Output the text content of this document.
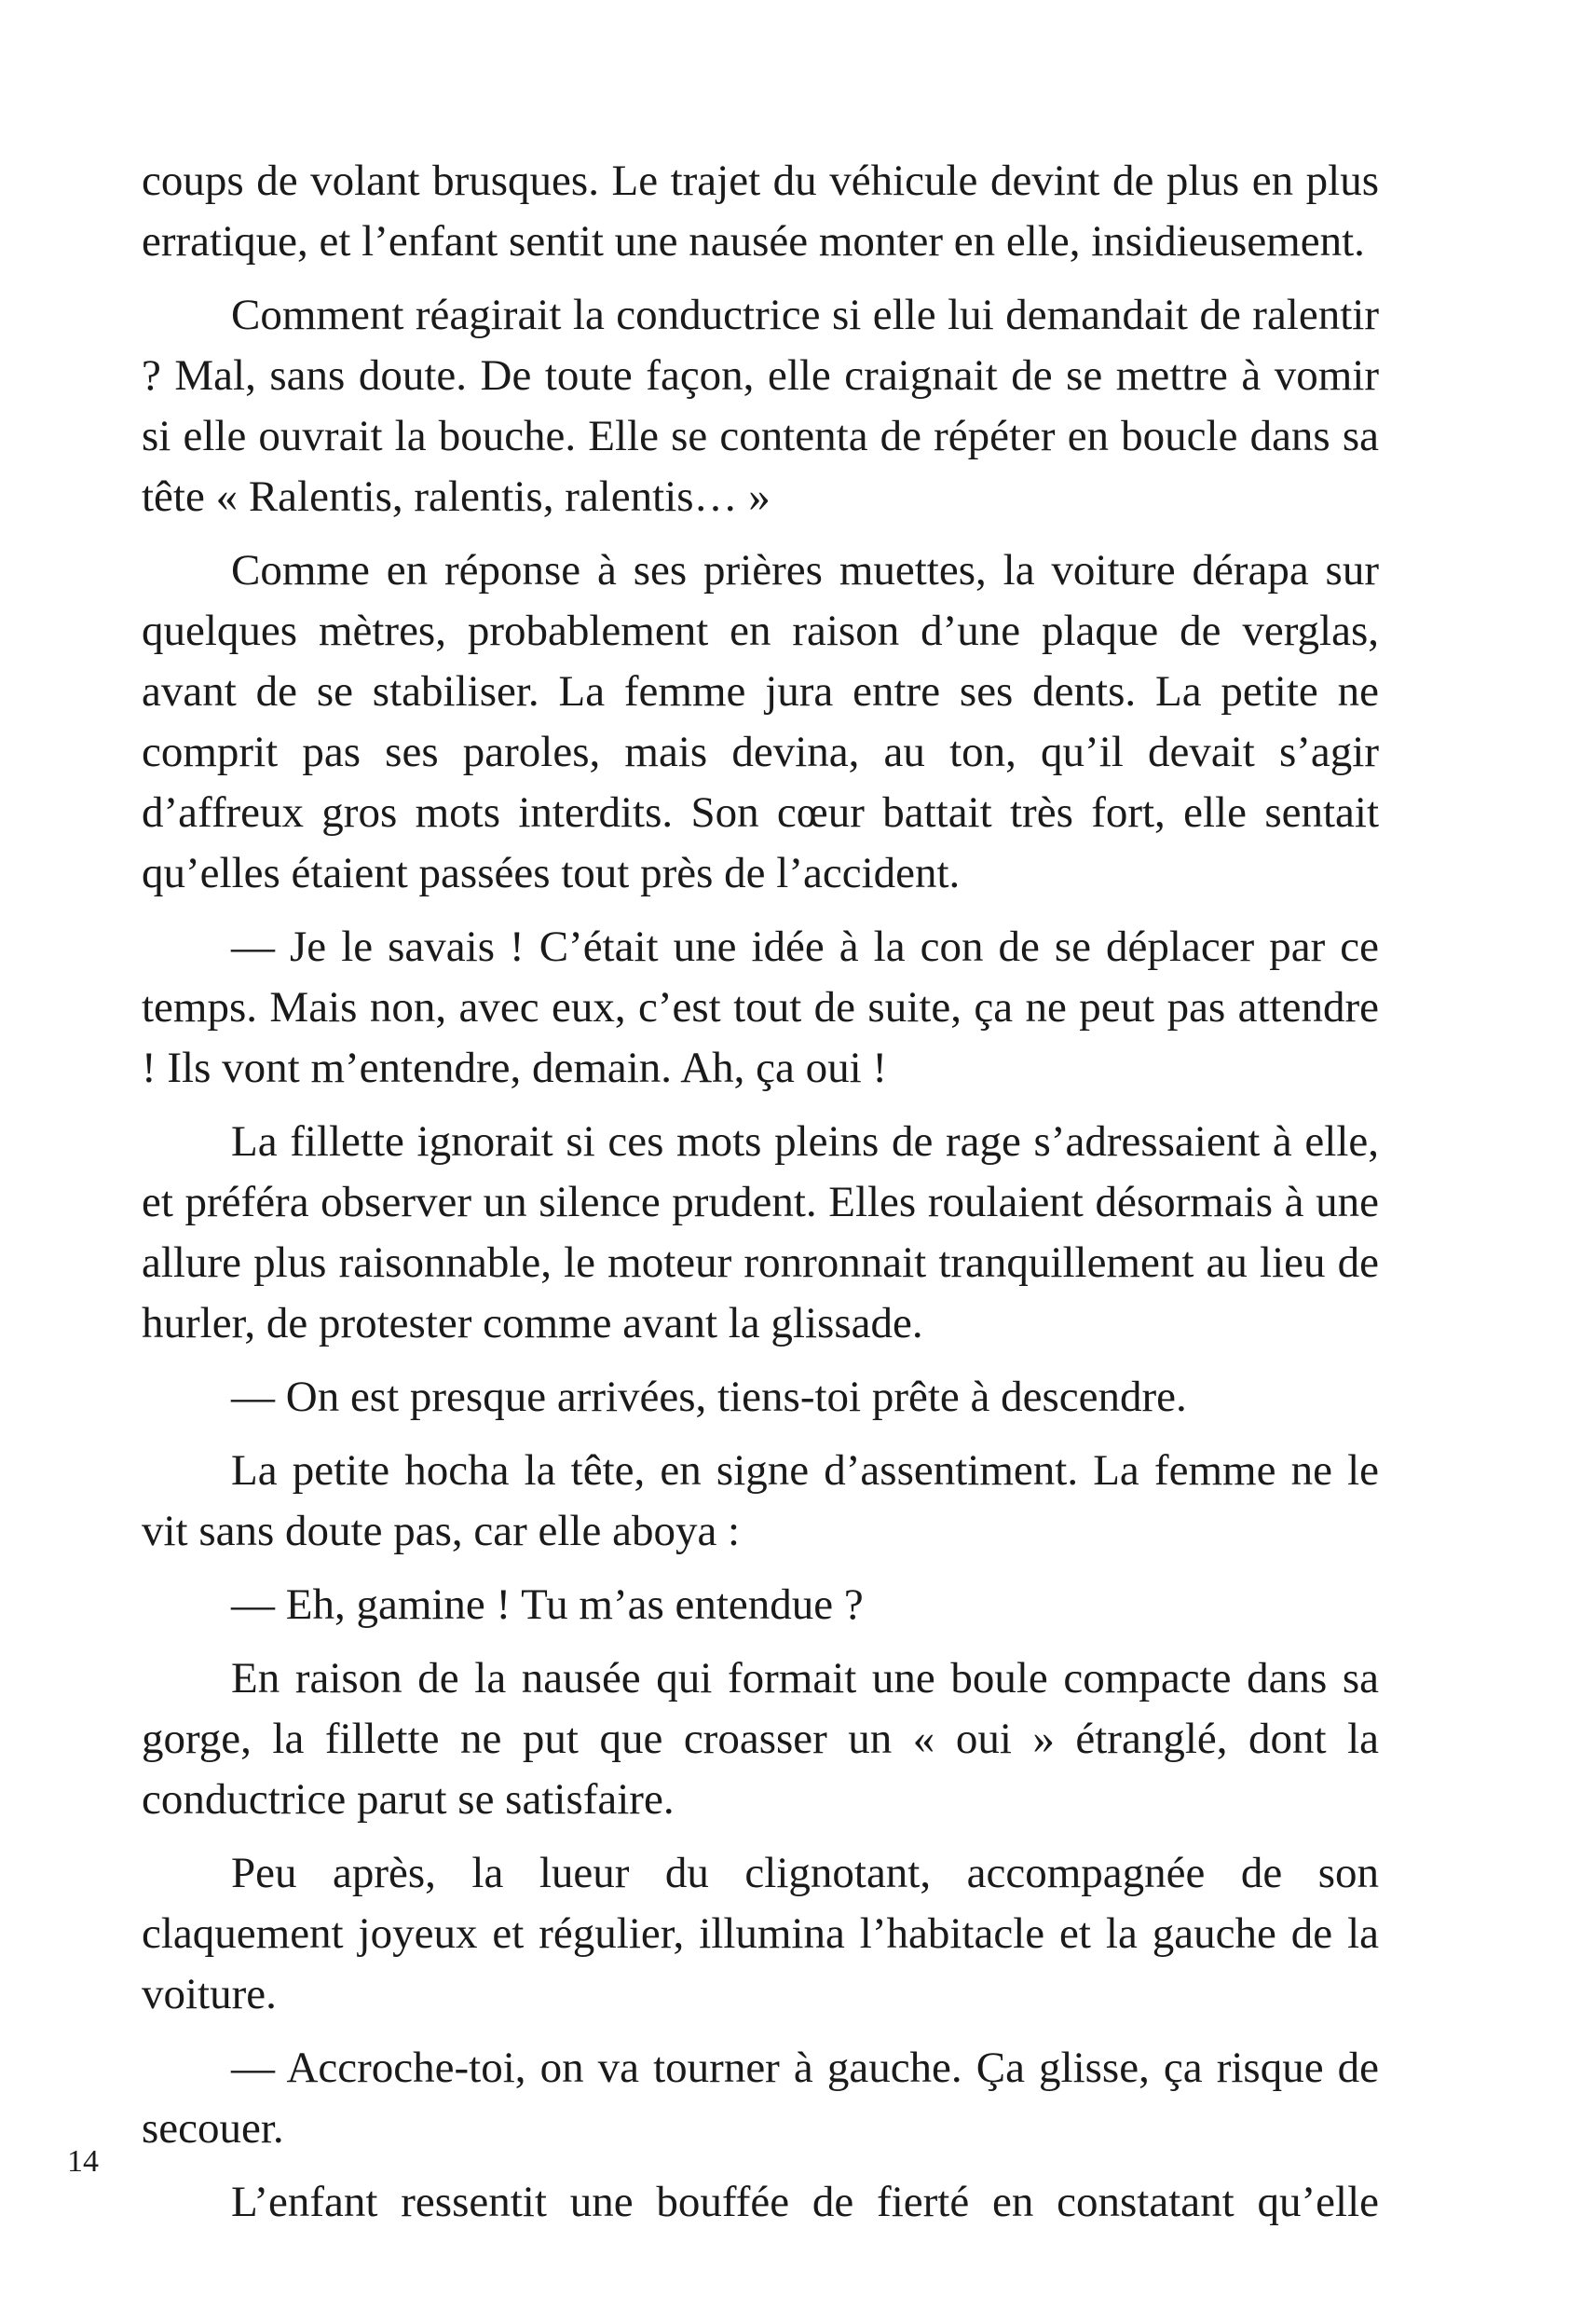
coups de volant brusques. Le trajet du véhicule devint de plus en plus erratique, et l’enfant sentit une nausée monter en elle, insidieusement.

Comment réagirait la conductrice si elle lui demandait de ralentir ? Mal, sans doute. De toute façon, elle craignait de se mettre à vomir si elle ouvrait la bouche. Elle se contenta de répéter en boucle dans sa tête « Ralentis, ralentis, ralentis… »

Comme en réponse à ses prières muettes, la voiture dérapa sur quelques mètres, probablement en raison d’une plaque de verglas, avant de se stabiliser. La femme jura entre ses dents. La petite ne comprit pas ses paroles, mais devina, au ton, qu’il devait s’agir d’affreux gros mots interdits. Son cœur battait très fort, elle sentait qu’elles étaient passées tout près de l’accident.

— Je le savais ! C’était une idée à la con de se déplacer par ce temps. Mais non, avec eux, c’est tout de suite, ça ne peut pas attendre ! Ils vont m’entendre, demain. Ah, ça oui !

La fillette ignorait si ces mots pleins de rage s’adressaient à elle, et préféra observer un silence prudent. Elles roulaient désormais à une allure plus raisonnable, le moteur ronronnait tranquillement au lieu de hurler, de protester comme avant la glissade.

— On est presque arrivées, tiens-toi prête à descendre.

La petite hocha la tête, en signe d’assentiment. La femme ne le vit sans doute pas, car elle aboya :

— Eh, gamine ! Tu m’as entendue ?

En raison de la nausée qui formait une boule compacte dans sa gorge, la fillette ne put que croasser un « oui » étranglé, dont la conductrice parut se satisfaire.

Peu après, la lueur du clignotant, accompagnée de son claquement joyeux et régulier, illumina l’habitacle et la gauche de la voiture.

— Accroche-toi, on va tourner à gauche. Ça glisse, ça risque de secouer.

L’enfant ressentit une bouffée de fierté en constatant qu’elle

14
